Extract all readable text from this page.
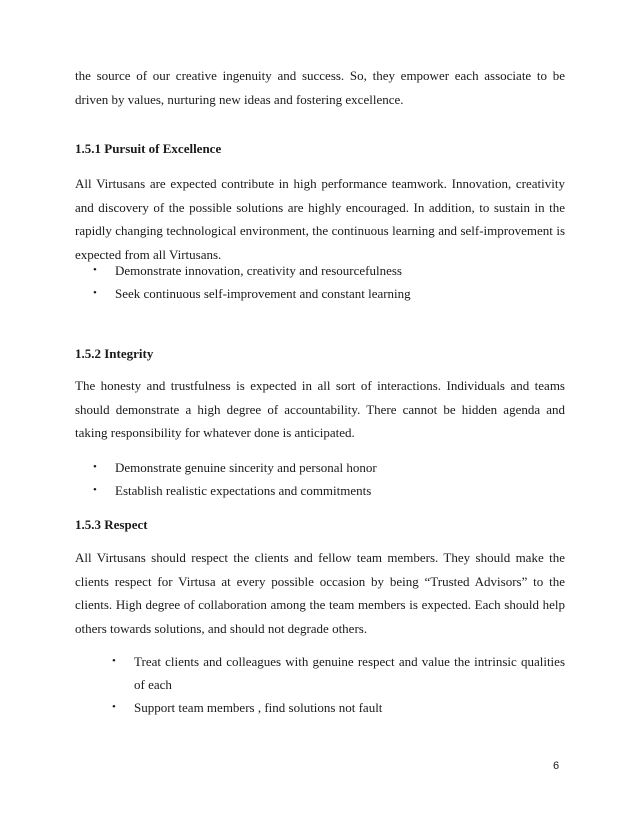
the source of our creative ingenuity and success. So, they empower each associate to be driven by values, nurturing new ideas and fostering excellence.

1.5.1 Pursuit of Excellence

All Virtusans are expected contribute in high performance teamwork. Innovation, creativity and discovery of the possible solutions are highly encouraged. In addition, to sustain in the rapidly changing technological environment, the continuous learning and self-improvement is expected from all Virtusans.

• Demonstrate innovation, creativity and resourcefulness
• Seek continuous self-improvement and constant learning
1.5.2 Integrity

The honesty and trustfulness is expected in all sort of interactions. Individuals and teams should demonstrate a high degree of accountability. There cannot be hidden agenda and taking responsibility for whatever done is anticipated.

• Demonstrate genuine sincerity and personal honor
• Establish realistic expectations and commitments
1.5.3 Respect

All Virtusans should respect the clients and fellow team members. They should make the clients respect for Virtusa at every possible occasion by being “Trusted Advisors” to the clients. High degree of collaboration among the team members is expected. Each should help others towards solutions, and should not degrade others.

• Treat clients and colleagues with genuine respect and value the intrinsic qualities of each
• Support team members , find solutions not fault
6
